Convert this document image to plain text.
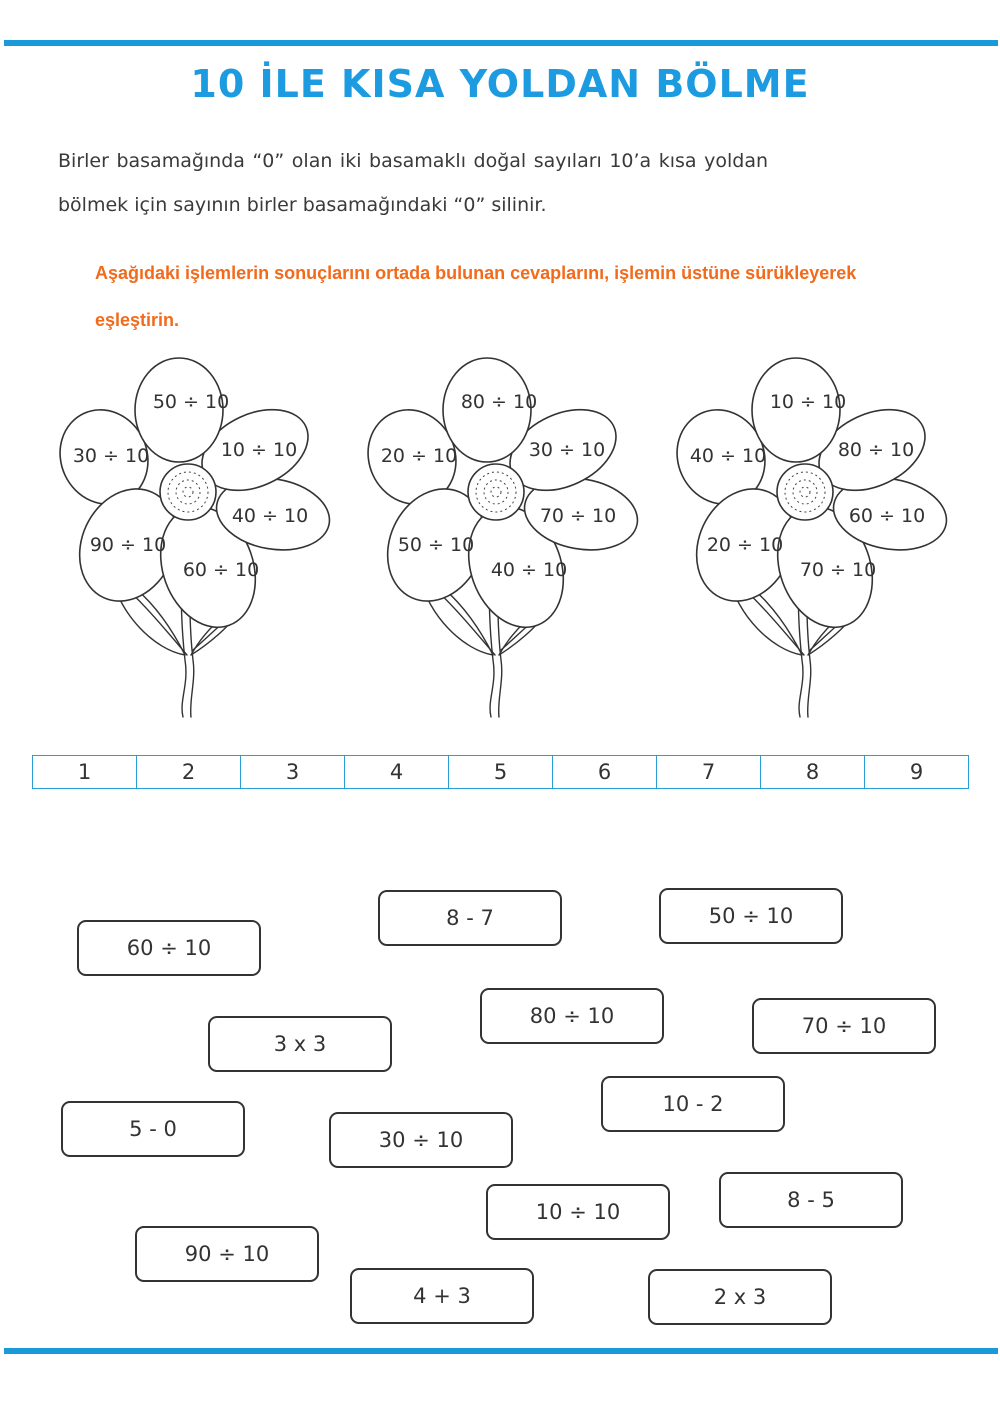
10 İLE KISA YOLDAN BÖLME
Birler basamağında “0” olan iki basamaklı doğal sayıları 10’a kısa yoldan
bölmek için sayının birler basamağındaki “0” silinir.
Aşağıdaki işlemlerin sonuçlarını ortada bulunan cevaplarını, işlemin üstüne sürükleyerek
eşleştirin.
50 ÷ 10
10 ÷ 10
40 ÷ 10
60 ÷ 10
90 ÷ 10
30 ÷ 10
80 ÷ 10
30 ÷ 10
70 ÷ 10
40 ÷ 10
50 ÷ 10
20 ÷ 10
10 ÷ 10
80 ÷ 10
60 ÷ 10
70 ÷ 10
20 ÷ 10
40 ÷ 10
1	2	3	4	5	6	7	8	9
60 ÷ 10
8 - 7	50 ÷ 10
3 x 3
80 ÷ 10	70 ÷ 10
5 - 0	30 ÷ 10
10 - 2
10 ÷ 10	8 - 5
90 ÷ 10
4 + 3	2 x 3
